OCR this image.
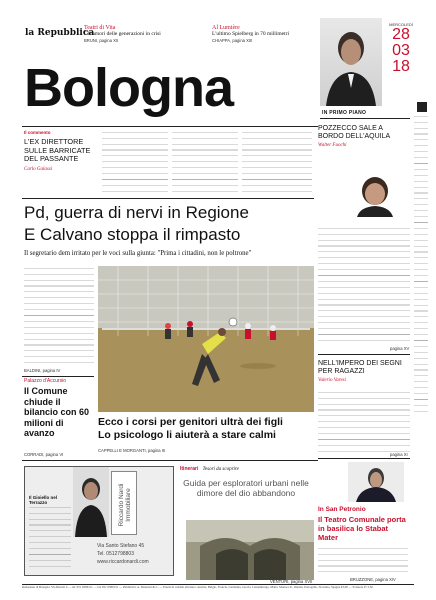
la Repubblica
Teatri di Vita
Gli amori delle generazioni in crisi
BRUNI, pagina XII
Al Lumière
L'ultimo Spielberg in 70 millimetri
CHIAPPA, pagina XIII
Bologna
MERCOLEDÌ
28
03
18
IN PRIMO PIANO
Il commento
L'EX DIRETTORE SULLE BARRICATE DEL PASSANTE
Carlo Galassi
POZZECCO SALE A BORDO DELL'AQUILA
Walter Fuochi
pagina XV
NELL'IMPERO DEI SEGNI PER RAGAZZI
Valerio Varesi
pagina XI
Pd, guerra di nervi in Regione
E Calvano stoppa il rimpasto
Il segretario dem irritato per le voci sulla giunta: "Prima i cittadini, non le poltrone"
BALDINI, pagina IV
Ecco i corsi per genitori ultrà dei figli
Lo psicologo li aiuterà a stare calmi
CAPPELLI E MORGANTI, pagina III
Palazzo d'Accursio
Il Comune chiude il bilancio con 60 milioni di avanzo
CORRADI, pagina VI
Il Gioiello nel Terrazzo	Riccardo Nardi Immobiliare
Via Santo Stefano 45
Tel. 0512798803
www.riccardonardi.com
Itinerari Tesori da scoprire
Guida per esploratori urbani nelle dimore del dio abbandono
VENTURI, pagina XVII
In San Petronio
Il Teatro Comunale porta in basilica lo Stabat Mater
BRUZZONE, pagina XIV
Redazione di Bologna: Via Rizzoli 4 — tel. 051 6580111 — fax 051 6580131 — Pubblicità: A. Manzoni & C. — Prezzi di vendita all'estero: Austria, Belgio, Francia, Germania, Grecia, Lussemburgo, Malta, Monaco P., Olanda, Portogallo, Slovenia, Spagna €3,00 — Svizzera Fr 3,50
